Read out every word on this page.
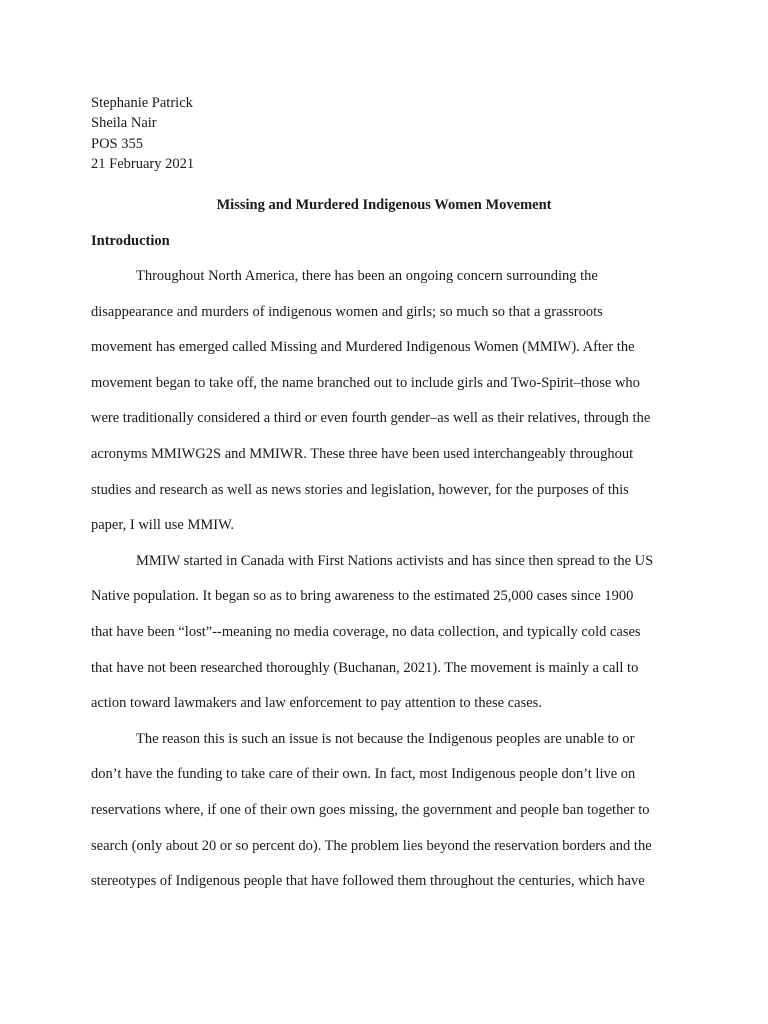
Stephanie Patrick
Sheila Nair
POS 355
21 February 2021
Missing and Murdered Indigenous Women Movement
Introduction
Throughout North America, there has been an ongoing concern surrounding the
disappearance and murders of indigenous women and girls; so much so that a grassroots
movement has emerged called Missing and Murdered Indigenous Women (MMIW). After the
movement began to take off, the name branched out to include girls and Two-Spirit–those who
were traditionally considered a third or even fourth gender–as well as their relatives, through the
acronyms MMIWG2S and MMIWR. These three have been used interchangeably throughout
studies and research as well as news stories and legislation, however, for the purposes of this
paper, I will use MMIW.
MMIW started in Canada with First Nations activists and has since then spread to the US
Native population. It began so as to bring awareness to the estimated 25,000 cases since 1900
that have been “lost”--meaning no media coverage, no data collection, and typically cold cases
that have not been researched thoroughly (Buchanan, 2021). The movement is mainly a call to
action toward lawmakers and law enforcement to pay attention to these cases.
The reason this is such an issue is not because the Indigenous peoples are unable to or
don’t have the funding to take care of their own. In fact, most Indigenous people don’t live on
reservations where, if one of their own goes missing, the government and people ban together to
search (only about 20 or so percent do). The problem lies beyond the reservation borders and the
stereotypes of Indigenous people that have followed them throughout the centuries, which have
